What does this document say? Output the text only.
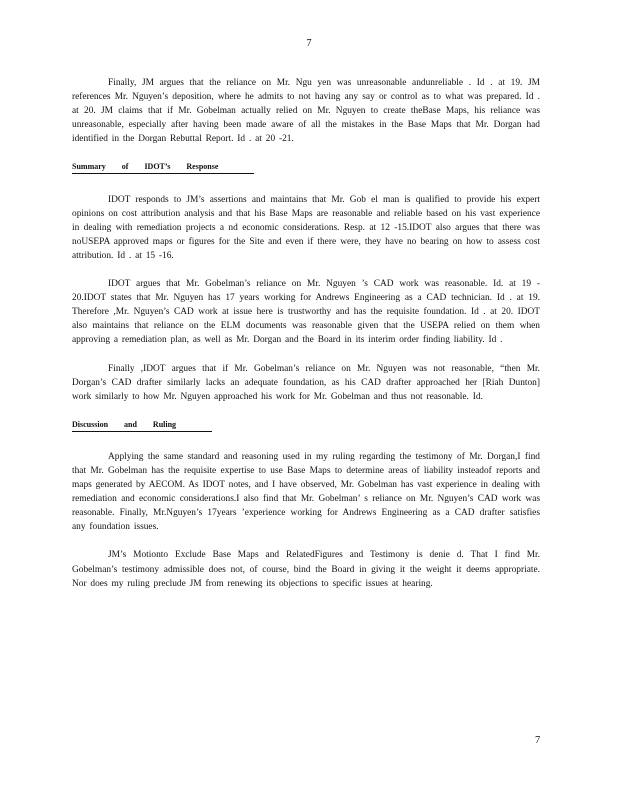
7

Finally, JM argues that the reliance on Mr. Ngu yen was unreasonable andunreliable . Id . at 19. JM references Mr. Nguyen’s deposition, where he admits to not having any say or control as to what was prepared. Id . at 20. JM claims that if Mr. Gobelman actually relied on Mr. Nguyen to create theBase Maps, his reliance was unreasonable, especially after having been made aware of all the mistakes in the Base Maps that Mr. Dorgan had identified in the Dorgan Rebuttal Report. Id . at 20 -21.

Summary of IDOT’s Response

IDOT responds to JM’s assertions and maintains that Mr. Gob el man is qualified to provide his expert opinions on cost attribution analysis and that his Base Maps are reasonable and reliable based on his vast experience in dealing with remediation projects a nd economic considerations. Resp. at 12 -15.IDOT also argues that there was noUSEPA approved maps or figures for the Site and even if there were, they have no bearing on how to assess cost attribution. Id . at 15 -16.

IDOT argues that Mr. Gobelman’s reliance on Mr. Nguyen ’s CAD work was reasonable. Id. at 19 - 20.IDOT states that Mr. Nguyen has 17 years working for Andrews Engineering as a CAD technician. Id . at 19. Therefore ,Mr. Nguyen’s CAD work at issue here is trustworthy and has the requisite foundation. Id . at 20. IDOT also maintains that reliance on the ELM documents was reasonable given that the USEPA relied on them when approving a remediation plan, as well as Mr. Dorgan and the Board in its interim order finding liability. Id .

Finally ,IDOT argues that if Mr. Gobelman’s reliance on Mr. Nguyen was not reasonable, “then Mr. Dorgan’s CAD drafter similarly lacks an adequate foundation, as his CAD drafter approached her [Riah Dunton] work similarly to how Mr. Nguyen approached his work for Mr. Gobelman and thus not reasonable. Id.

Discussion and Ruling

Applying the same standard and reasoning used in my ruling regarding the testimony of Mr. Dorgan,I find that Mr. Gobelman has the requisite expertise to use Base Maps to determine areas of liability insteadof reports and maps generated by AECOM. As IDOT notes, and I have observed, Mr. Gobelman has vast experience in dealing with remediation and economic considerations.I also find that Mr. Gobelman’ s reliance on Mr. Nguyen’s CAD work was reasonable. Finally, Mr.Nguyen’s 17years ’experience working for Andrews Engineering as a CAD drafter satisfies any foundation issues.

JM’s Motionto Exclude Base Maps and RelatedFigures and Testimony is denie d. That I find Mr. Gobelman’s testimony admissible does not, of course, bind the Board in giving it the weight it deems appropriate. Nor does my ruling preclude JM from renewing its objections to specific issues at hearing.

7
